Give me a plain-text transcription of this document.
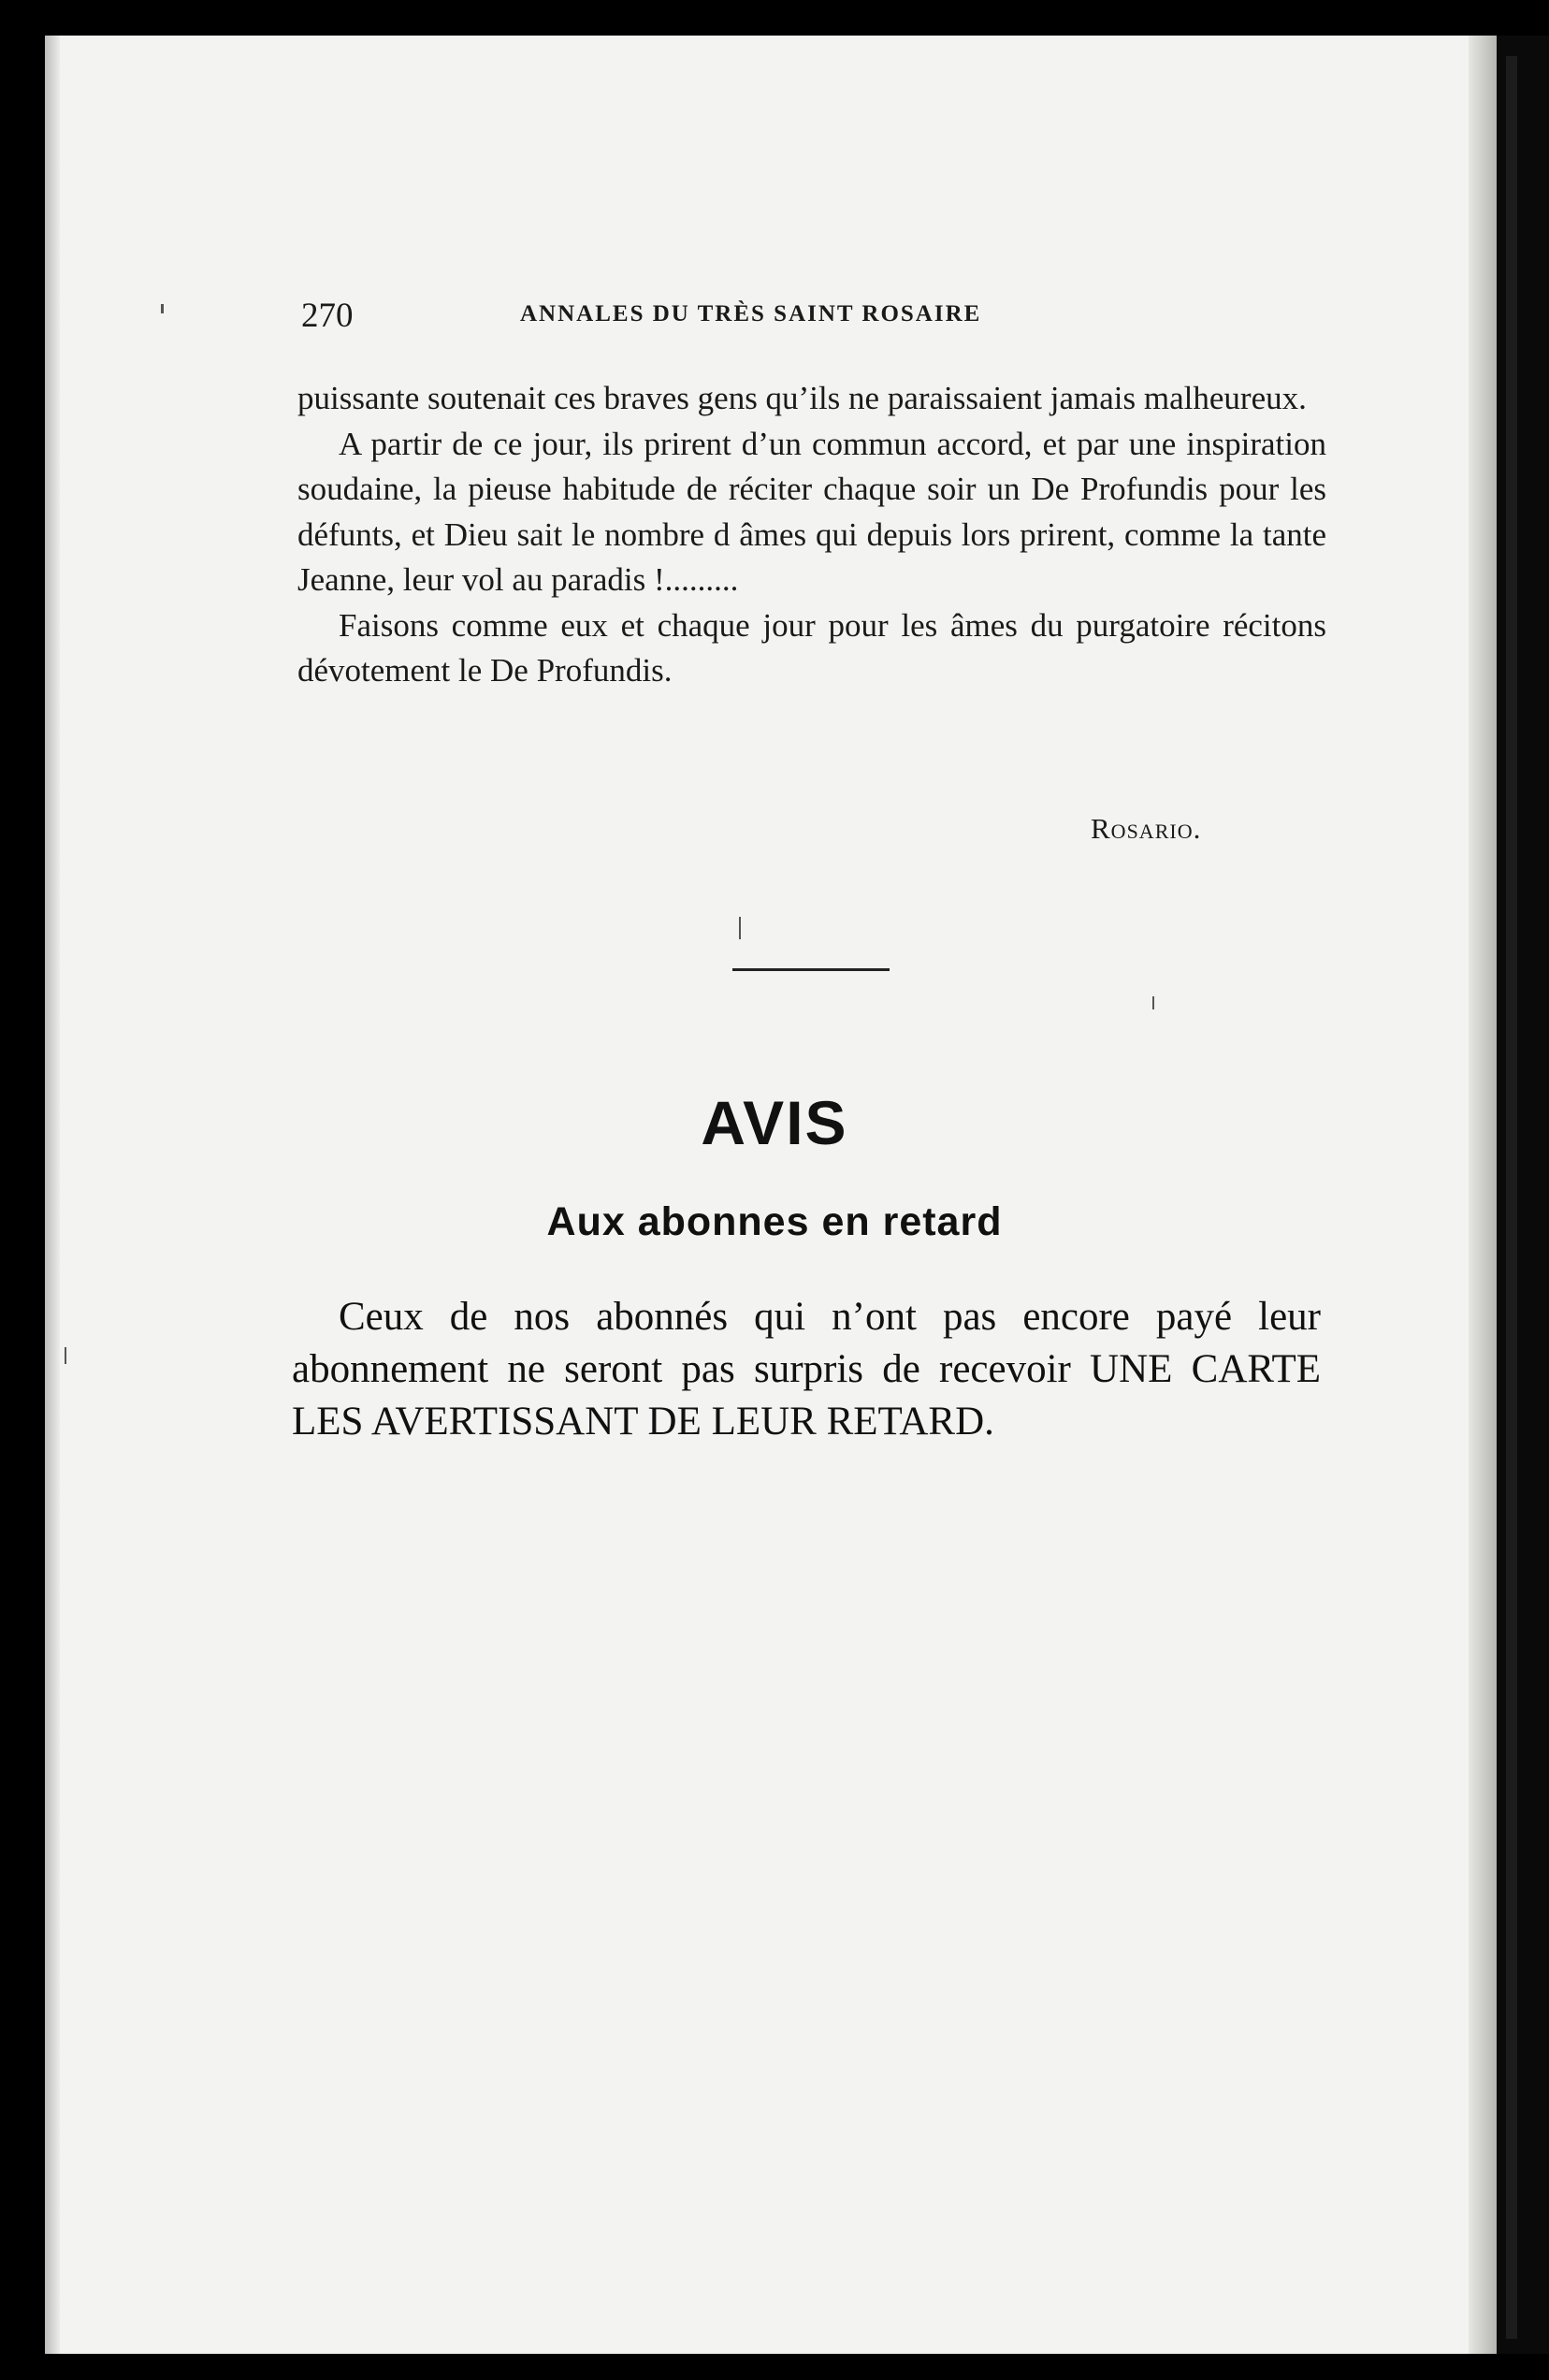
270	ANNALES DU TRÈS SAINT ROSAIRE

puissante soutenait ces braves gens qu’ils ne paraissaient jamais malheureux.

A partir de ce jour, ils prirent d’un commun accord, et par une inspiration soudaine, la pieuse habitude de réciter chaque soir un De Profundis pour les défunts, et Dieu sait le nombre d âmes qui depuis lors prirent, comme la tante Jeanne, leur vol au paradis !.........

Faisons comme eux et chaque jour pour les âmes du purgatoire récitons dévotement le De Profundis.

Rosario.
AVIS
Aux abonnes en retard
Ceux de nos abonnés qui n’ont pas encore payé leur abonnement ne seront pas surpris de recevoir UNE CARTE LES AVERTISSANT DE LEUR RETARD.
